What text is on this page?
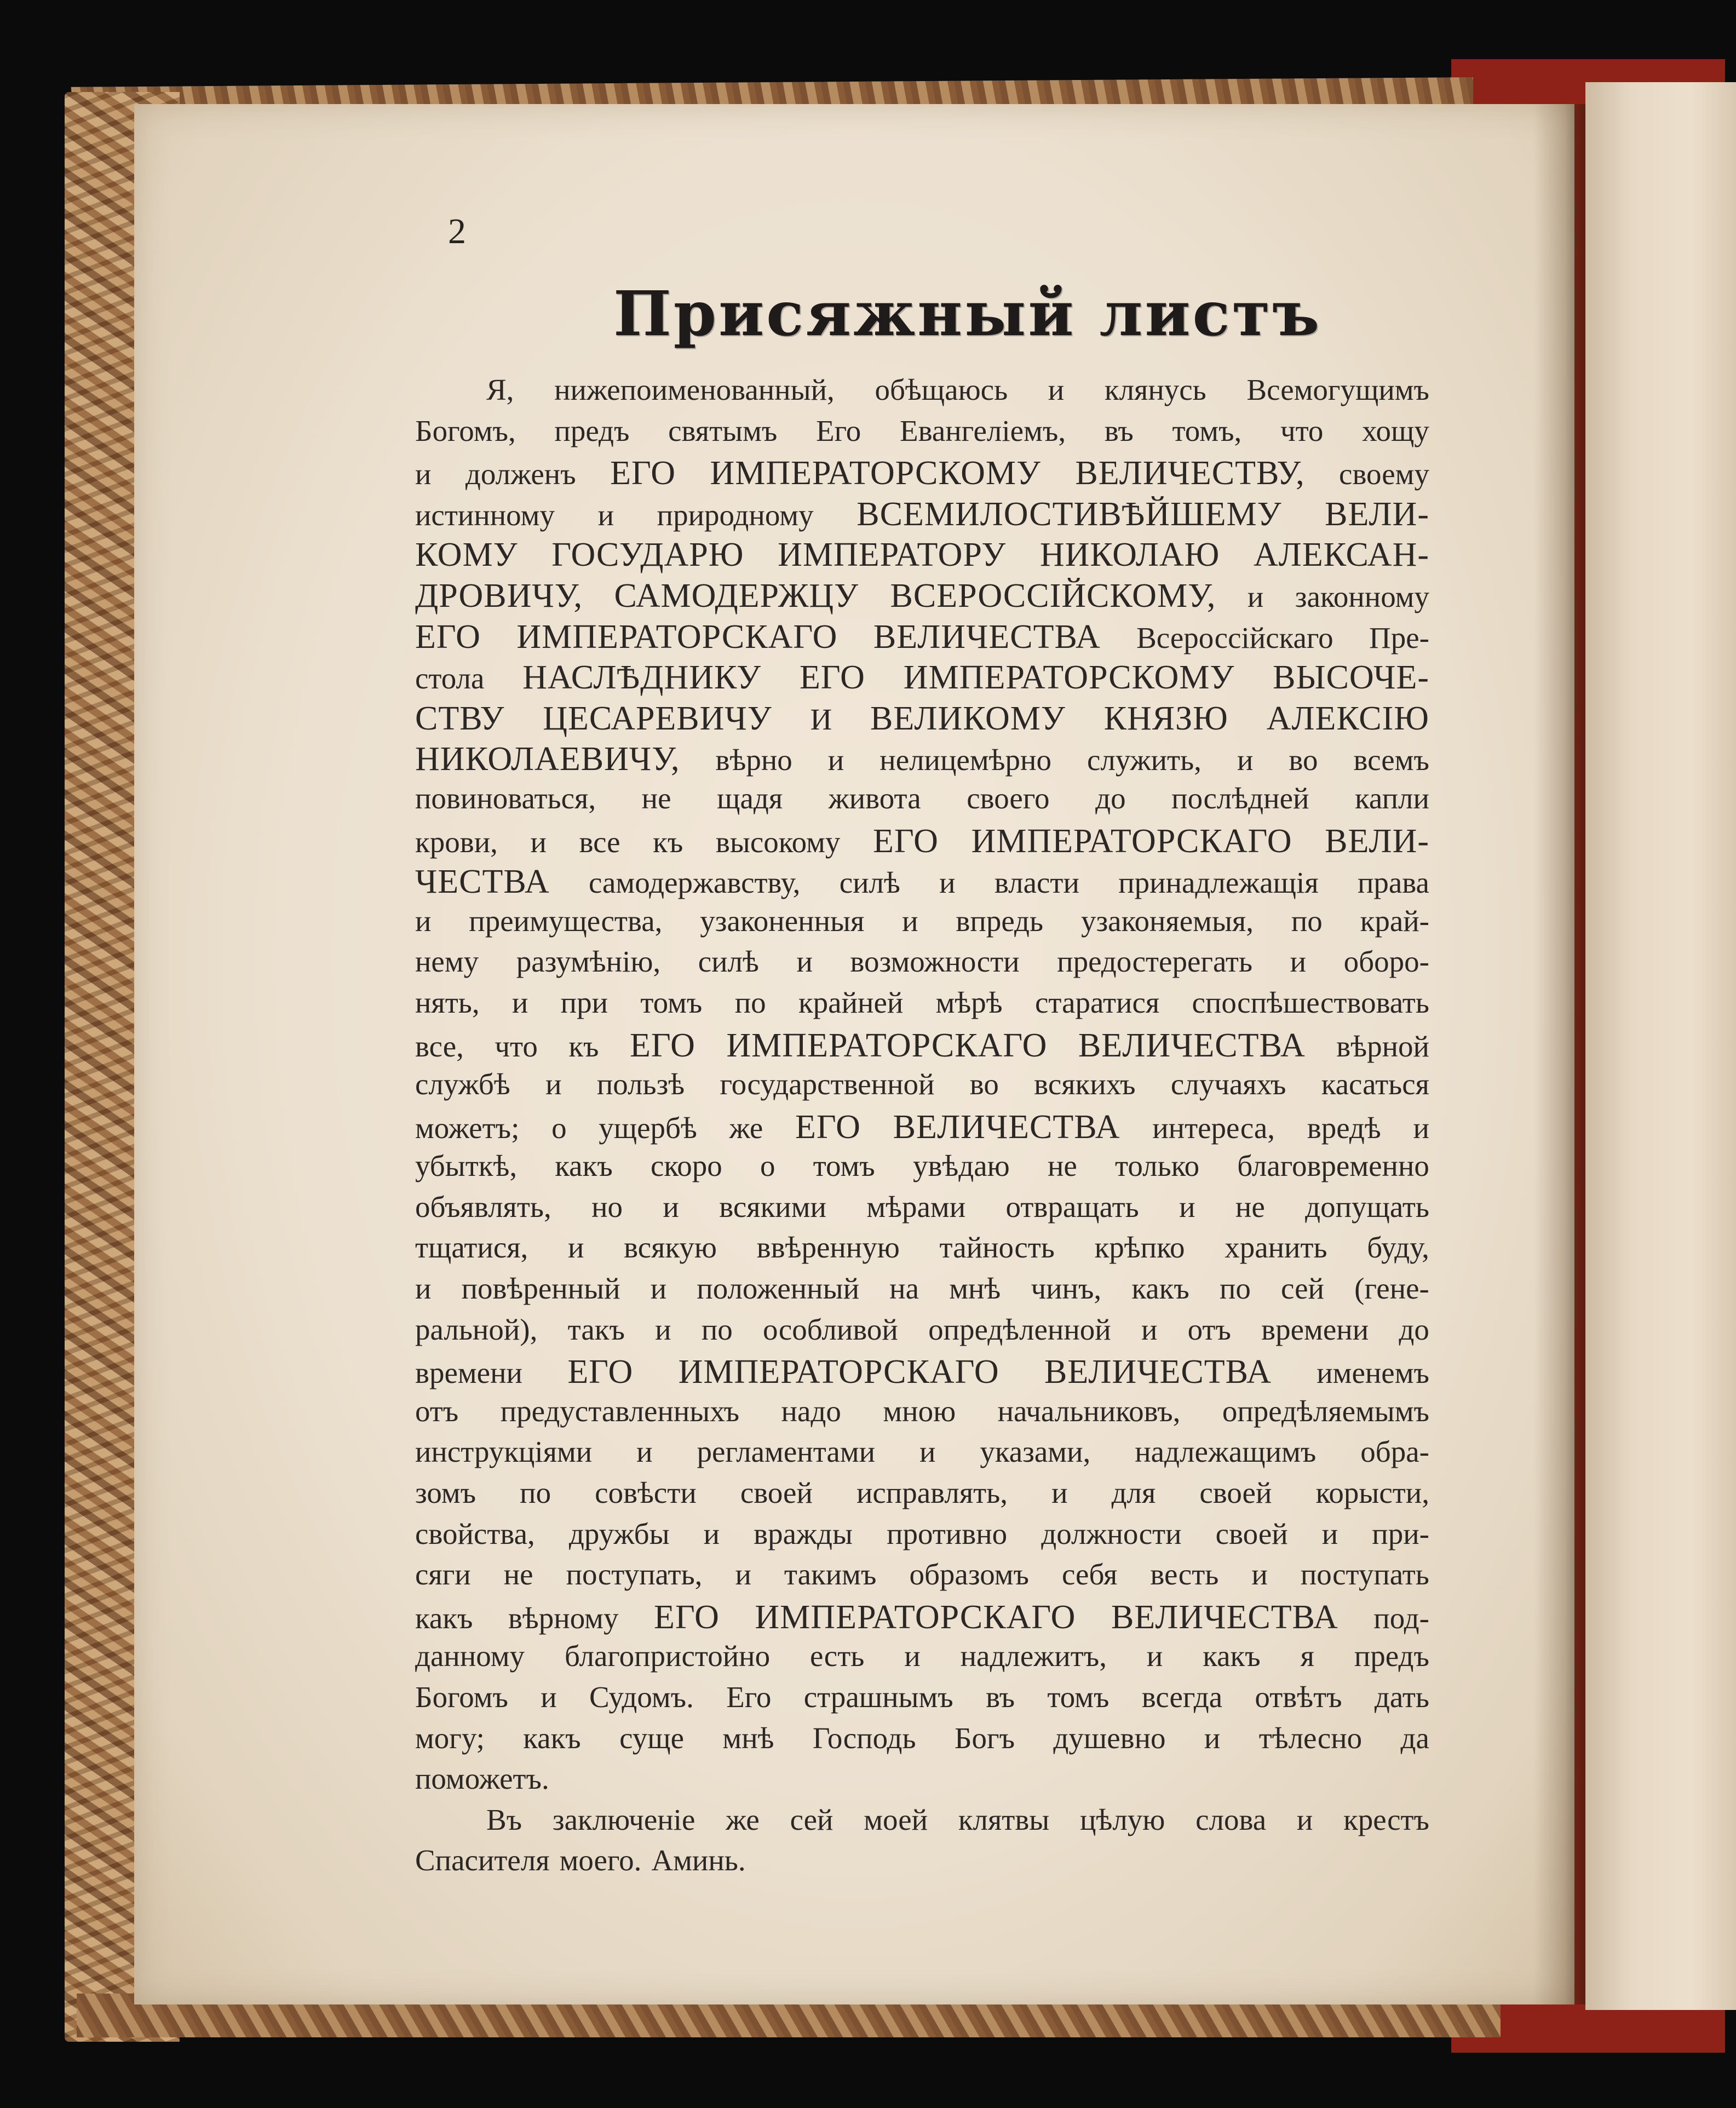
2
Присяжный листъ
Я, нижепоименованный, обѣщаюсь и клянусь Всемогущимъ
Богомъ, предъ святымъ Его Евангеліемъ, въ томъ, что хощу
и долженъ ЕГО ИМПЕРАТОРСКОМУ ВЕЛИЧЕСТВУ, своему
истинному и природному ВСЕМИЛОСТИВѢЙШЕМУ ВЕЛИ-
КОМУ ГОСУДАРЮ ИМПЕРАТОРУ НИКОЛАЮ АЛЕКСАН-
ДРОВИЧУ, САМОДЕРЖЦУ ВСЕРОССІЙСКОМУ, и законному
ЕГО ИМПЕРАТОРСКАГО ВЕЛИЧЕСТВА Всероссійскаго Пре-
стола НАСЛѢДНИКУ ЕГО ИМПЕРАТОРСКОМУ ВЫСОЧЕ-
СТВУ ЦЕСАРЕВИЧУ И ВЕЛИКОМУ КНЯЗЮ АЛЕКСІЮ
НИКОЛАЕВИЧУ, вѣрно и нелицемѣрно служить, и во всемъ
повиноваться, не щадя живота своего до послѣдней капли
крови, и все къ высокому ЕГО ИМПЕРАТОРСКАГО ВЕЛИ-
ЧЕСТВА самодержавству, силѣ и власти принадлежащія права
и преимущества, узаконенныя и впредь узаконяемыя, по край-
нему разумѣнію, силѣ и возможности предостерегать и оборо-
нять, и при томъ по крайней мѣрѣ старатися споспѣшествовать
все, что къ ЕГО ИМПЕРАТОРСКАГО ВЕЛИЧЕСТВА вѣрной
службѣ и пользѣ государственной во всякихъ случаяхъ касаться
можетъ; о ущербѣ же ЕГО ВЕЛИЧЕСТВА интереса, вредѣ и
убыткѣ, какъ скоро о томъ увѣдаю не только благовременно
объявлять, но и всякими мѣрами отвращать и не допущать
тщатися, и всякую ввѣренную тайность крѣпко хранить буду,
и повѣренный и положенный на мнѣ чинъ, какъ по сей (гене-
ральной), такъ и по особливой опредѣленной и отъ времени до
времени ЕГО ИМПЕРАТОРСКАГО ВЕЛИЧЕСТВА именемъ
отъ предуставленныхъ надо мною начальниковъ, опредѣляемымъ
инструкціями и регламентами и указами, надлежащимъ обра-
зомъ по совѣсти своей исправлять, и для своей корысти,
свойства, дружбы и вражды противно должности своей и при-
сяги не поступать, и такимъ образомъ себя весть и поступать
какъ вѣрному ЕГО ИМПЕРАТОРСКАГО ВЕЛИЧЕСТВА под-
данному благопристойно есть и надлежитъ, и какъ я предъ
Богомъ и Судомъ. Его страшнымъ въ томъ всегда отвѣтъ дать
могу; какъ суще мнѣ Господь Богъ душевно и тѣлесно да
поможетъ.
Въ заключеніе же сей моей клятвы цѣлую слова и крестъ
Спасителя моего. Аминь.
